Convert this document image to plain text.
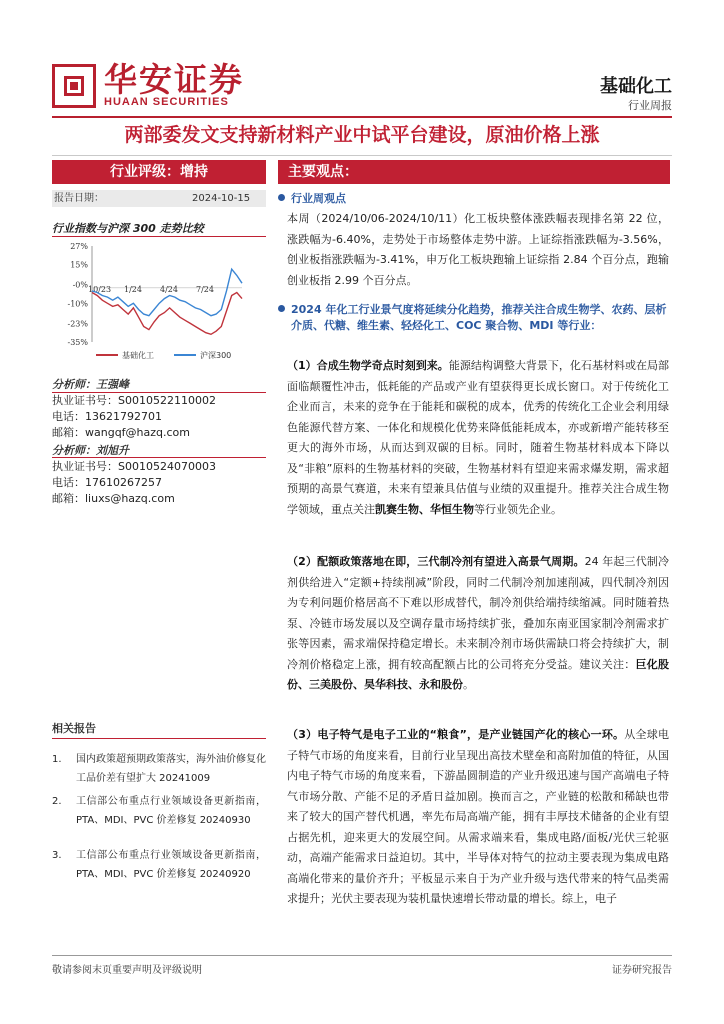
华安证券
HUAAN SECURITIES
基础化工
行业周报
两部委发文支持新材料产业中试平台建设，原油价格上涨
行业评级：增持
报告日期：	2024-10-15
行业指数与沪深 300 走势比较
27%
15%
-0%
-10%
-23%
-35%
10/23 1/24 4/24 7/24
基础化工	沪深300
分析师：王强峰
执业证书号：S0010522110002
电话：13621792701
邮箱：wangqf@hazq.com
分析师：刘旭升
执业证书号：S0010524070003
电话：17610267257
邮箱：liuxs@hazq.com
相关报告
1. 国内政策超预期政策落实，海外油价修复化工品价差有望扩大 20241009
2. 工信部公布重点行业领域设备更新指南，PTA、MDI、PVC 价差修复 20240930
3. 工信部公布重点行业领域设备更新指南，PTA、MDI、PVC 价差修复 20240920
主要观点：
行业周观点
本周（2024/10/06-2024/10/11）化工板块整体涨跌幅表现排名第 22 位，涨跌幅为-6.40%，走势处于市场整体走势中游。上证综指涨跌幅为-3.56%，创业板指涨跌幅为-3.41%，申万化工板块跑输上证综指 2.84 个百分点，跑输创业板指 2.99 个百分点。
2024 年化工行业景气度将延续分化趋势，推荐关注合成生物学、农药、层析介质、代糖、维生素、轻烃化工、COC 聚合物、MDI 等行业：
（1）合成生物学奇点时刻到来。能源结构调整大背景下，化石基材料或在局部面临颠覆性冲击，低耗能的产品或产业有望获得更长成长窗口。对于传统化工企业而言，未来的竞争在于能耗和碳税的成本，优秀的传统化工企业会利用绿色能源代替方案、一体化和规模化优势来降低能耗成本，亦或新增产能转移至更大的海外市场，从而达到双碳的目标。同时，随着生物基材料成本下降以及“非粮”原料的生物基材料的突破，生物基材料有望迎来需求爆发期，需求超预期的高景气赛道，未来有望兼具估值与业绩的双重提升。推荐关注合成生物学领域，重点关注凯赛生物、华恒生物等行业领先企业。
（2）配额政策落地在即，三代制冷剂有望进入高景气周期。24 年起三代制冷剂供给进入“定额+持续削减”阶段，同时二代制冷剂加速削减，四代制冷剂因为专利问题价格居高不下难以形成替代，制冷剂供给端持续缩减。同时随着热泵、冷链市场发展以及空调存量市场持续扩张，叠加东南亚国家制冷剂需求扩张等因素，需求端保持稳定增长。未来制冷剂市场供需缺口将会持续扩大，制冷剂价格稳定上涨，拥有较高配额占比的公司将充分受益。建议关注：巨化股份、三美股份、昊华科技、永和股份。
（3）电子特气是电子工业的“粮食”，是产业链国产化的核心一环。从全球电子特气市场的角度来看，目前行业呈现出高技术壁垒和高附加值的特征，从国内电子特气市场的角度来看，下游晶圆制造的产业升级迅速与国产高端电子特气市场分散、产能不足的矛盾日益加剧。换而言之，产业链的松散和稀缺也带来了较大的国产替代机遇，率先布局高端产能，拥有丰厚技术储备的企业有望占据先机，迎来更大的发展空间。从需求端来看，集成电路/面板/光伏三轮驱动，高端产能需求日益迫切。其中，半导体对特气的拉动主要表现为集成电路高端化带来的量价齐升；平板显示来自于为产业升级与迭代带来的特气品类需求提升；光伏主要表现为装机量快速增长带动量的增长。综上，电子
敬请参阅末页重要声明及评级说明	证券研究报告
